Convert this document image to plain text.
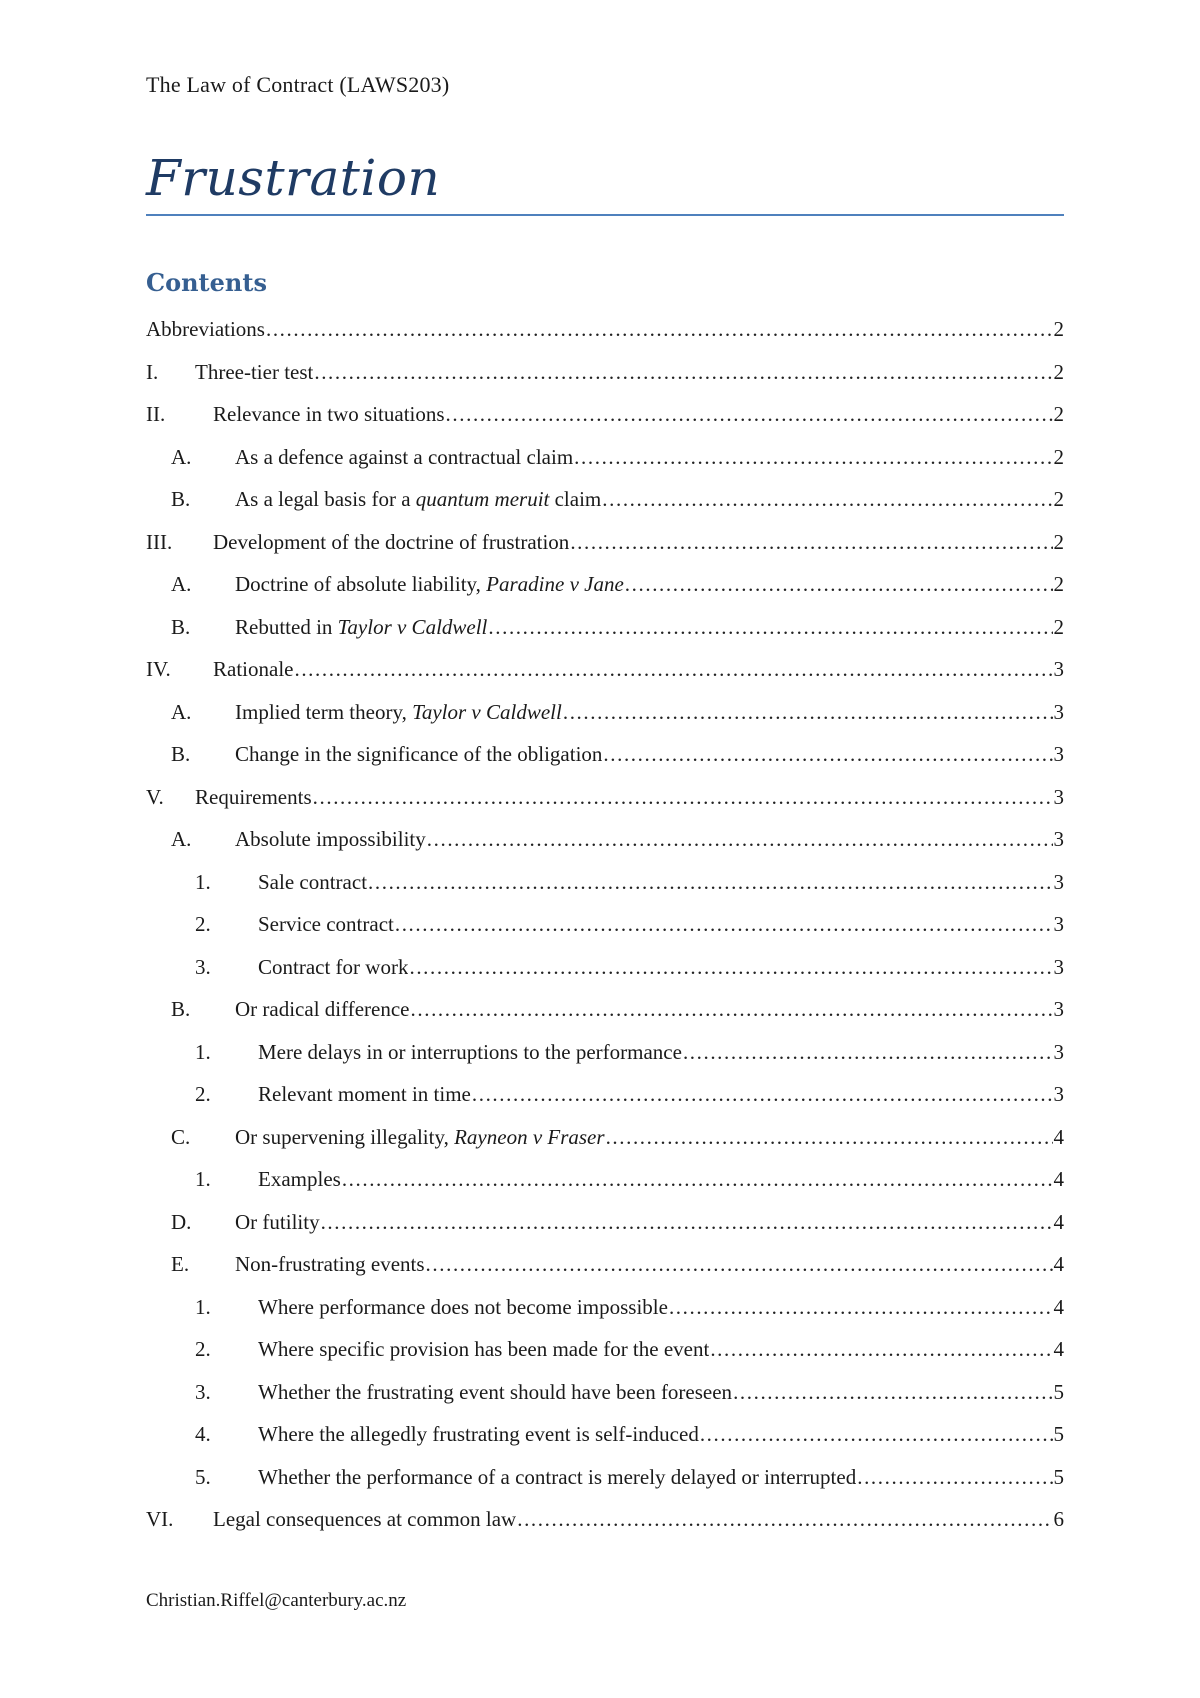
The Law of Contract (LAWS203)
Frustration
Contents
Abbreviations .....	2
I.	Three-tier test .....	2
II.	Relevance in two situations .....	2
A.	As a defence against a contractual claim .....	2
B.	As a legal basis for a quantum meruit claim .....	2
III.	Development of the doctrine of frustration .....	2
A.	Doctrine of absolute liability, Paradine v Jane .....	2
B.	Rebutted in Taylor v Caldwell .....	2
IV.	Rationale .....	3
A.	Implied term theory, Taylor v Caldwell .....	3
B.	Change in the significance of the obligation .....	3
V.	Requirements .....	3
A.	Absolute impossibility .....	3
1.	Sale contract .....	3
2.	Service contract .....	3
3.	Contract for work .....	3
B.	Or radical difference .....	3
1.	Mere delays in or interruptions to the performance .....	3
2.	Relevant moment in time .....	3
C.	Or supervening illegality, Rayneon v Fraser .....	4
1.	Examples .....	4
D.	Or futility .....	4
E.	Non-frustrating events .....	4
1.	Where performance does not become impossible .....	4
2.	Where specific provision has been made for the event .....	4
3.	Whether the frustrating event should have been foreseen .....	5
4.	Where the allegedly frustrating event is self-induced .....	5
5.	Whether the performance of a contract is merely delayed or interrupted .....	5
VI.	Legal consequences at common law .....	6
Christian.Riffel@canterbury.ac.nz
